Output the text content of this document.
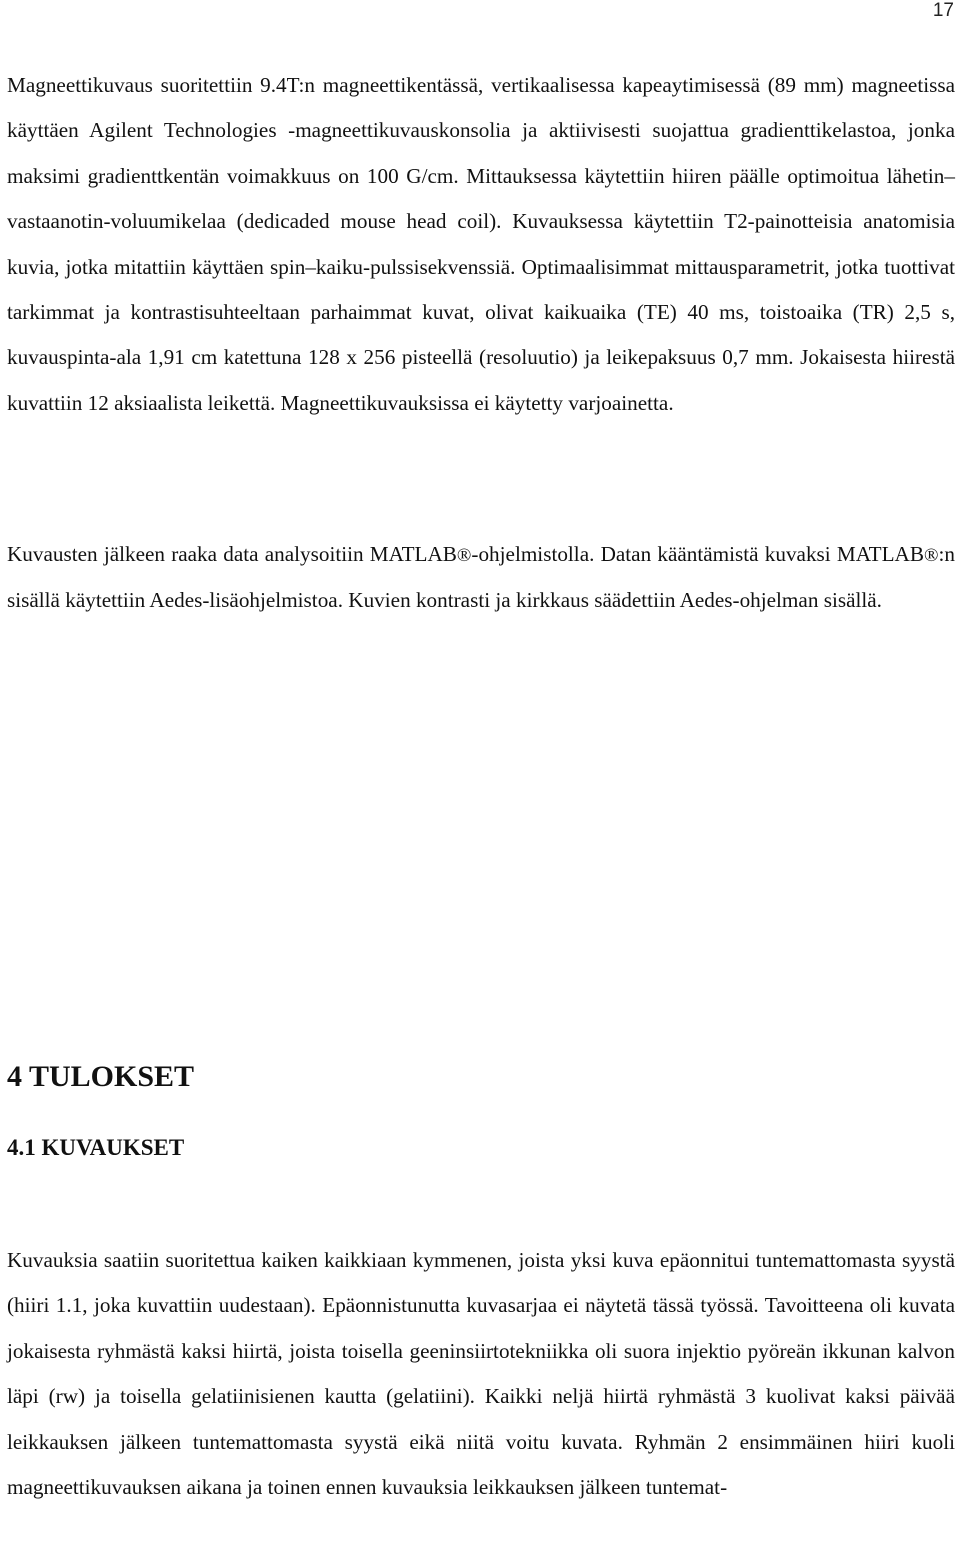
17

Magneettikuvaus suoritettiin 9.4T:n magneettikentässä, vertikaalisessa kapeaytimisessä (89 mm) magneetissa käyttäen Agilent Technologies -magneettikuvauskonsolia ja aktiivisesti suojattua gradienttikelastoa, jonka maksimi gradienttkentän voimakkuus on 100 G/cm. Mittauksessa käytettiin hiiren päälle optimoitua lähetin–vastaanotin-voluumikelaa (dedicaded mouse head coil). Kuvauksessa käytettiin T2-painotteisia anatomisia kuvia, jotka mitattiin käyttäen spin–kaiku-pulssisekvenssiä. Optimaalisimmat mittausparametrit, jotka tuottivat tarkimmat ja kontrastisuhteeltaan parhaimmat kuvat, olivat kaikuaika (TE) 40 ms, toistoaika (TR) 2,5 s, kuvauspinta-ala 1,91 cm katettuna 128 x 256 pisteellä (resoluutio) ja leikepaksuus 0,7 mm. Jokaisesta hiirestä kuvattiin 12 aksiaalista leikettä. Magneettikuvauksissa ei käytetty varjoainetta.

Kuvausten jälkeen raaka data analysoitiin MATLAB®-ohjelmistolla. Datan kääntämistä kuvaksi MATLAB®:n sisällä käytettiin Aedes-lisäohjelmistoa. Kuvien kontrasti ja kirkkaus säädettiin Aedes-ohjelman sisällä.

4 TULOKSET
4.1 KUVAUKSET

Kuvauksia saatiin suoritettua kaiken kaikkiaan kymmenen, joista yksi kuva epäonnitui tuntemattomasta syystä (hiiri 1.1, joka kuvattiin uudestaan). Epäonnistunutta kuvasarjaa ei näytetä tässä työssä. Tavoitteena oli kuvata jokaisesta ryhmästä kaksi hiirtä, joista toisella geeninsiirtotekniikka oli suora injektio pyöreän ikkunan kalvon läpi (rw) ja toisella gelatiinisienen kautta (gelatiini). Kaikki neljä hiirtä ryhmästä 3 kuolivat kaksi päivää leikkauksen jälkeen tuntemattomasta syystä eikä niitä voitu kuvata. Ryhmän 2 ensimmäinen hiiri kuoli magneettikuvauksen aikana ja toinen ennen kuvauksia leikkauksen jälkeen tuntemat-
